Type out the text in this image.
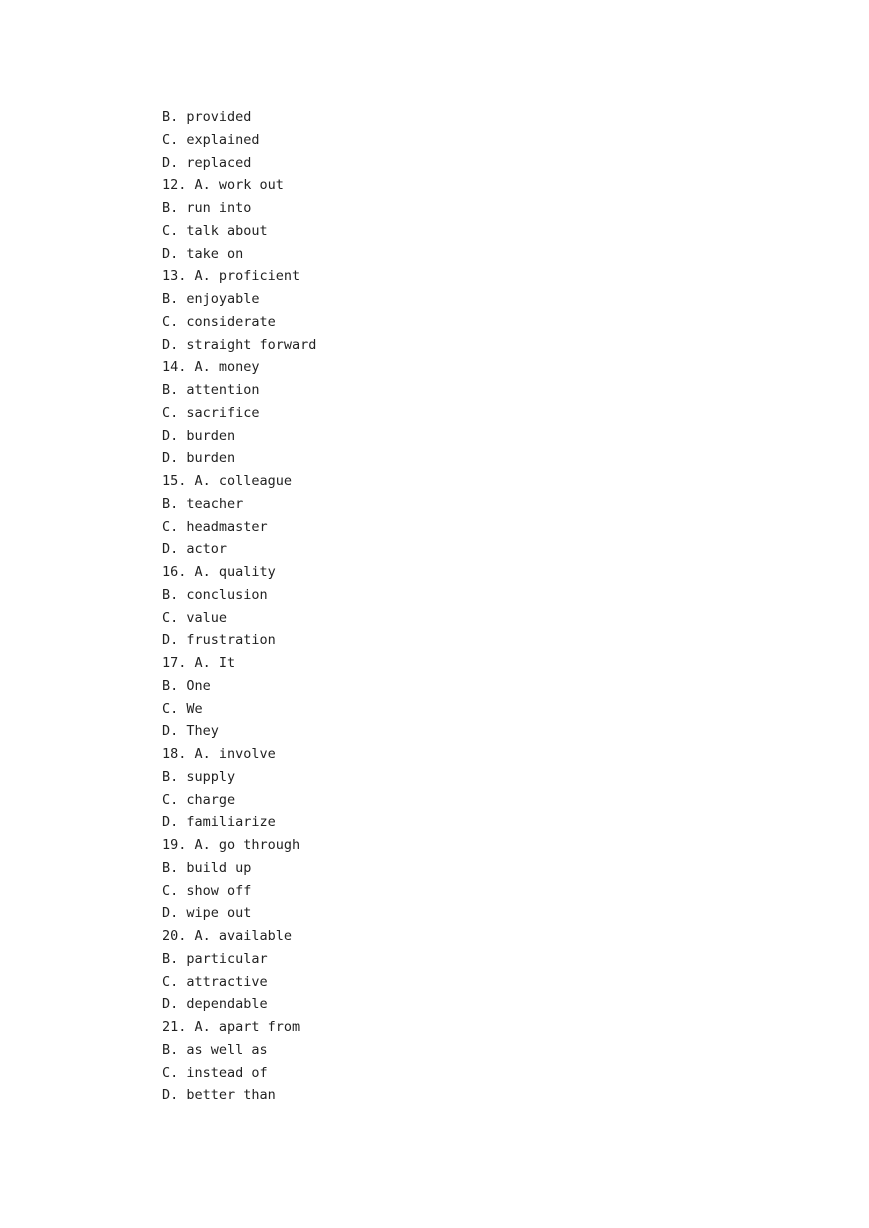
B. provided
C. explained
D. replaced
12. A. work out
B. run into
C. talk about
D. take on
13. A. proficient
B. enjoyable
C. considerate
D. straight forward
14. A. money
B. attention
C. sacrifice
D. burden
D. burden
15. A. colleague
B. teacher
C. headmaster
D. actor
16. A. quality
B. conclusion
C. value
D. frustration
17. A. It
B. One
C. We
D. They
18. A. involve
B. supply
C. charge
D. familiarize
19. A. go through
B. build up
C. show off
D. wipe out
20. A. available
B. particular
C. attractive
D. dependable
21. A. apart from
B. as well as
C. instead of
D. better than
